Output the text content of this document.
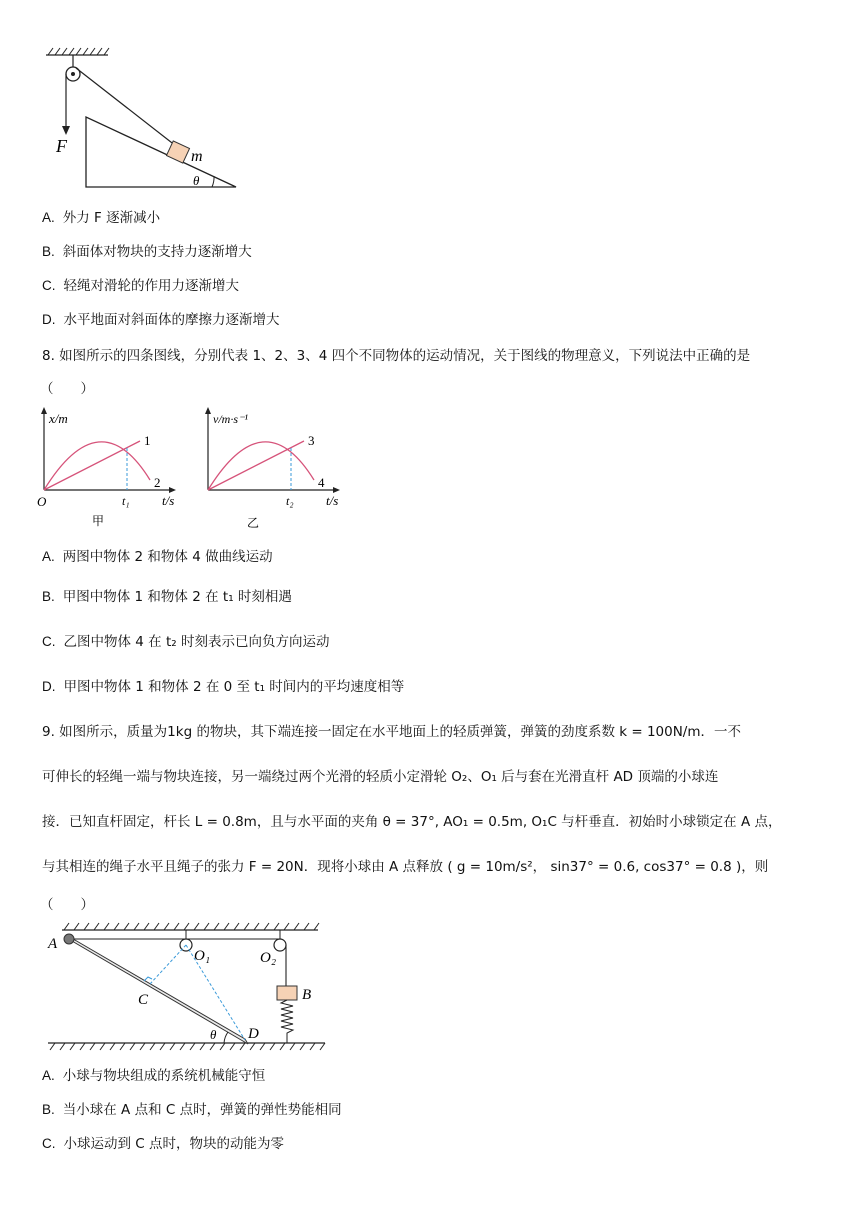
F
m
θ
A. 外力 F 逐渐减小
B. 斜面体对物块的支持力逐渐增大
C. 轻绳对滑轮的作用力逐渐增大
D. 水平地面对斜面体的摩擦力逐渐增大
8. 如图所示的四条图线，分别代表 1、2、3、4 四个不同物体的运动情况，关于图线的物理意义，下列说法中正确的是
（　　）
x/m
t/s
O
1
2
t₁
甲
v/m·s⁻¹
t/s
3
4
t₂
乙
A. 两图中物体 2 和物体 4 做曲线运动
B. 甲图中物体 1 和物体 2 在 t₁ 时刻相遇
C. 乙图中物体 4 在 t₂ 时刻表示已向负方向运动
D. 甲图中物体 1 和物体 2 在 0 至 t₁ 时间内的平均速度相等
9. 如图所示，质量为1kg 的物块，其下端连接一固定在水平地面上的轻质弹簧，弹簧的劲度系数 k = 100N/m．一不
可伸长的轻绳一端与物块连接，另一端绕过两个光滑的轻质小定滑轮 O₂、O₁ 后与套在光滑直杆 AD 顶端的小球连
接．已知直杆固定，杆长 L = 0.8m，且与水平面的夹角 θ = 37°, AO₁ = 0.5m, O₁C 与杆垂直．初始时小球锁定在 A 点，
与其相连的绳子水平且绳子的张力 F = 20N．现将小球由 A 点释放 ( g = 10m/s²， sin37° = 0.6, cos37° = 0.8 )，则
（　　）
A
O₁	O₂
B
C
D
θ
A. 小球与物块组成的系统机械能守恒
B. 当小球在 A 点和 C 点时，弹簧的弹性势能相同
C. 小球运动到 C 点时，物块的动能为零
